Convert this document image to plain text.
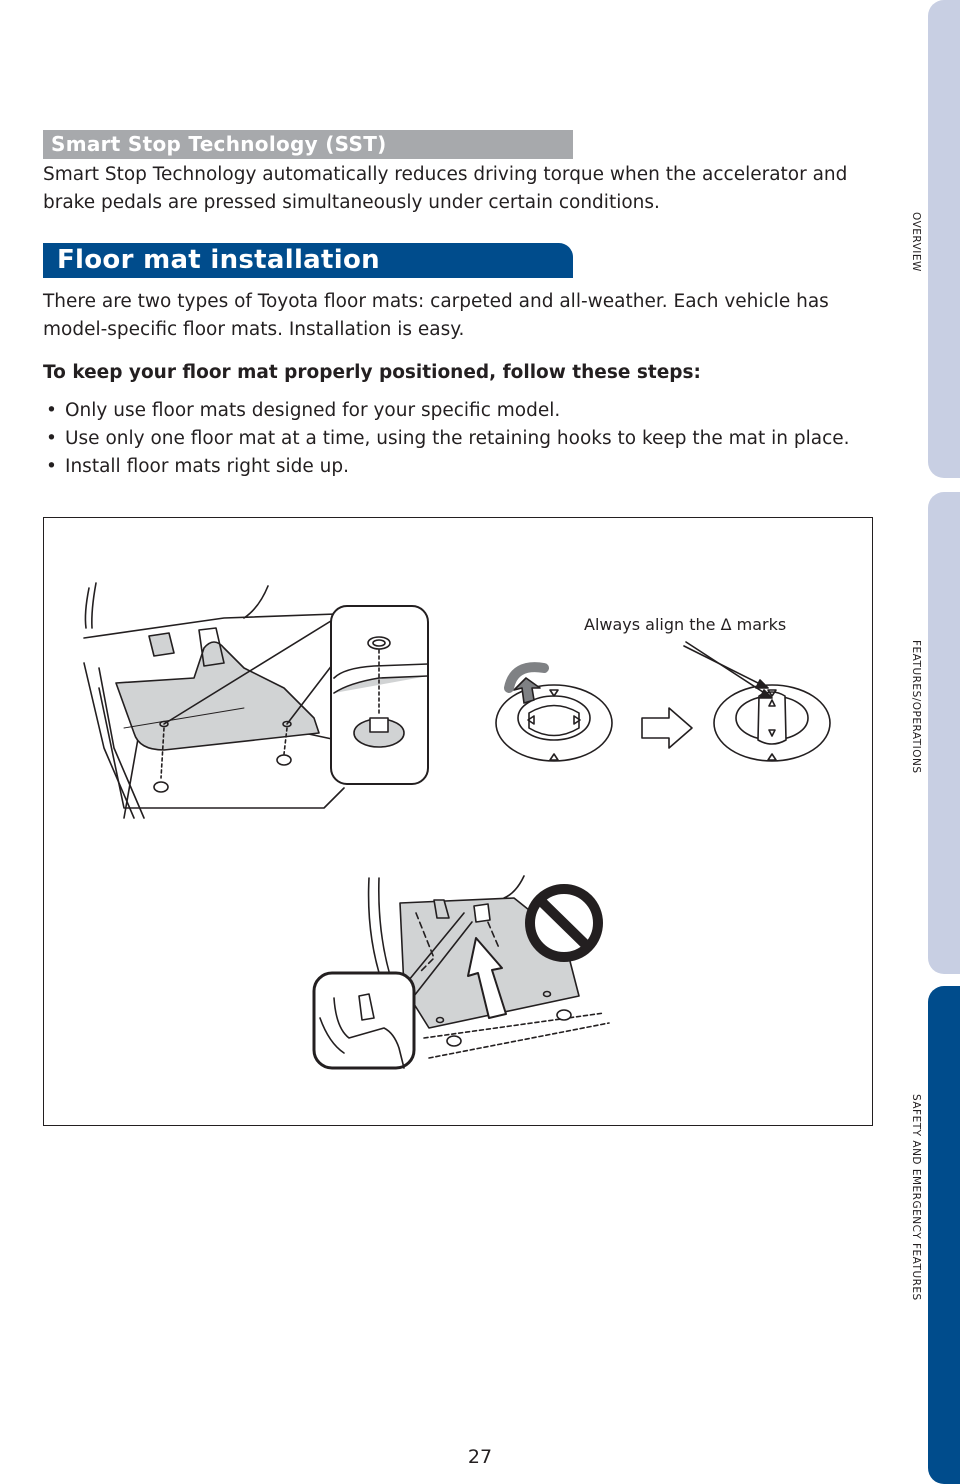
Smart Stop Technology (SST)
Smart Stop Technology automatically reduces driving torque when the accelerator and brake pedals are pressed simultaneously under certain conditions.
Floor mat installation
There are two types of Toyota floor mats: carpeted and all-weather. Each vehicle has model-specific floor mats. Installation is easy.
To keep your floor mat properly positioned, follow these steps:
• Only use floor mats designed for your specific model.
• Use only one floor mat at a time, using the retaining hooks to keep the mat in place.
• Install floor mats right side up.
Always align the Δ marks
OVERVIEW
FEATURES/OPERATIONS
SAFETY AND EMERGENCY FEATURES
27
